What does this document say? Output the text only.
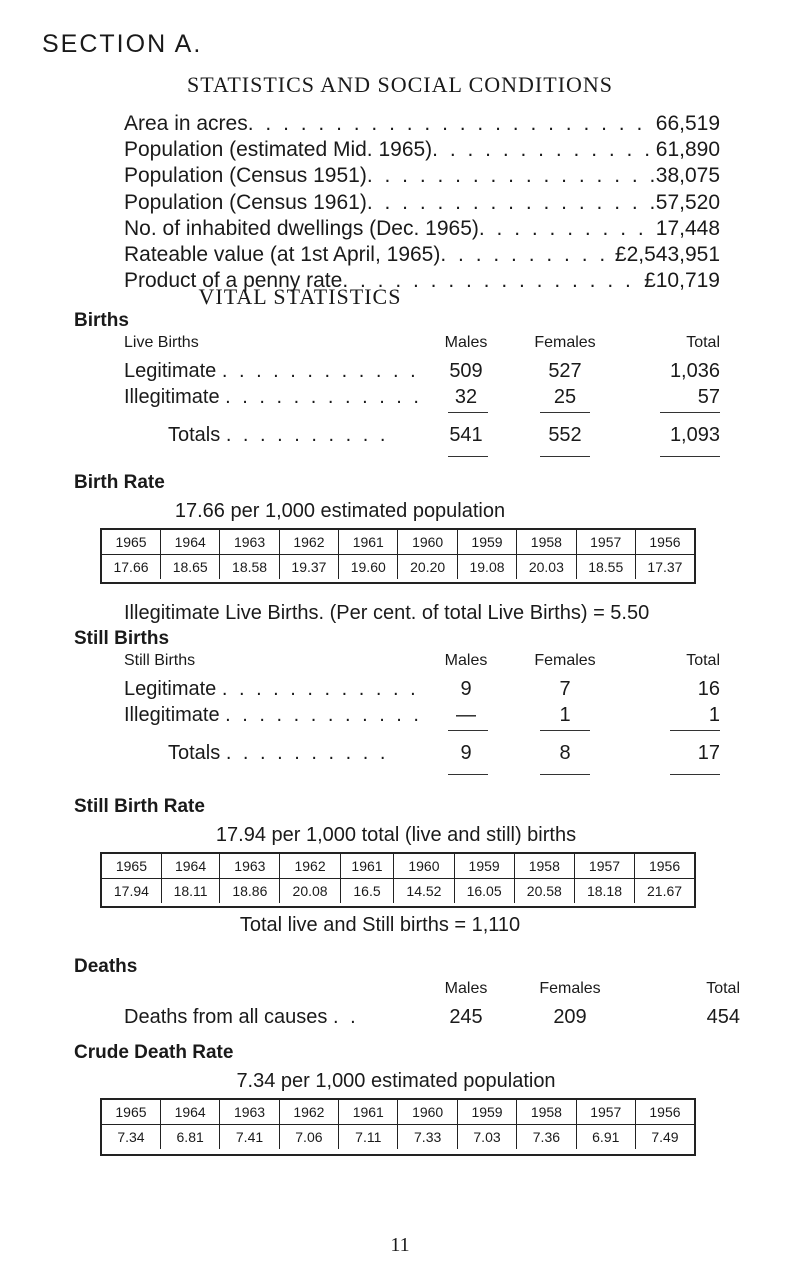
SECTION A.
STATISTICS AND SOCIAL CONDITIONS
Area in acres . . .	66,519
Population (estimated Mid. 1965) . . .	61,890
Population (Census 1951) . . .	38,075
Population (Census 1961) . . .	57,520
No. of inhabited dwellings (Dec. 1965) . . .	17,448
Rateable value (at 1st April, 1965) . . .	£2,543,951
Product of a penny rate . . .	£10,719
VITAL STATISTICS
Births
Live Births	Males	Females	Total
Legitimate . . . . . . . . . . . .	509	527	1,036
Illegitimate . . . . . . . . . . . .	32	25	57
Totals . . . . . . . . . .	541	552	1,093
Birth Rate
17.66 per 1,000 estimated population
1965	1964	1963	1962	1961	1960	1959	1958	1957	1956
17.66	18.65	18.58	19.37	19.60	20.20	19.08	20.03	18.55	17.37
Illegitimate Live Births. (Per cent. of total Live Births) = 5.50
Still Births
Still Births	Males	Females	Total
Legitimate . . . . . . . . . . . .	9	7	16
Illegitimate . . . . . . . . . . . .	—	1	1
Totals . . . . . . . . . .	9	8	17
Still Birth Rate
17.94 per 1,000 total (live and still) births
1965	1964	1963	1962	1961	1960	1959	1958	1957	1956
17.94	18.11	18.86	20.08	16.5	14.52	16.05	20.58	18.18	21.67
Total live and Still births = 1,110
Deaths
Males	Females	Total
Deaths from all causes . .	245	209	454
Crude Death Rate
7.34 per 1,000 estimated population
1965	1964	1963	1962	1961	1960	1959	1958	1957	1956
7.34	6.81	7.41	7.06	7.11	7.33	7.03	7.36	6.91	7.49
11
